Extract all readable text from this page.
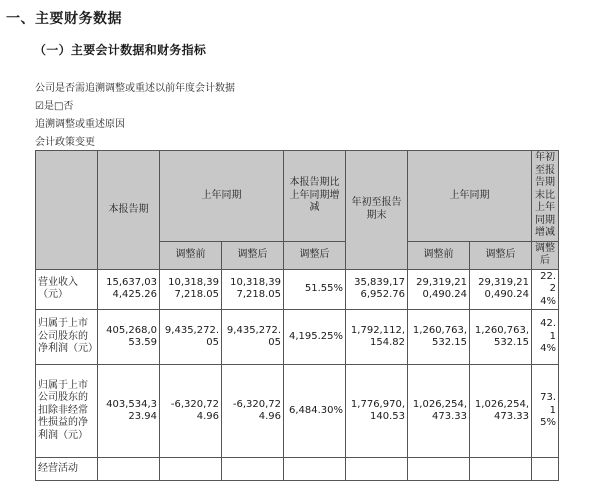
一、主要财务数据
（一）主要会计数据和财务指标
公司是否需追溯调整或重述以前年度会计数据
☑是□否
追溯调整或重述原因
会计政策变更
	本报告期	上年同期		本报告期比上年同期增减	年初至报告期末	上年同期		年初至报告期末比上年同期增减
		调整前	调整后	调整后		调整前	调整后	调整后
营业收入（元）	15,637,034,425.26	10,318,397,218.05	10,318,397,218.05	51.55%	35,839,176,952.76	29,319,210,490.24	29,319,210,490.24	22.24%
归属于上市公司股东的净利润（元）	405,268,053.59	9,435,272.05	9,435,272.05	4,195.25%	1,792,112,154.82	1,260,763,532.15	1,260,763,532.15	42.14%
归属于上市公司股东的扣除非经常性损益的净利润（元）	403,534,323.94	-6,320,724.96	-6,320,724.96	6,484.30%	1,776,970,140.53	1,026,254,473.33	1,026,254,473.33	73.15%
经营活动								
